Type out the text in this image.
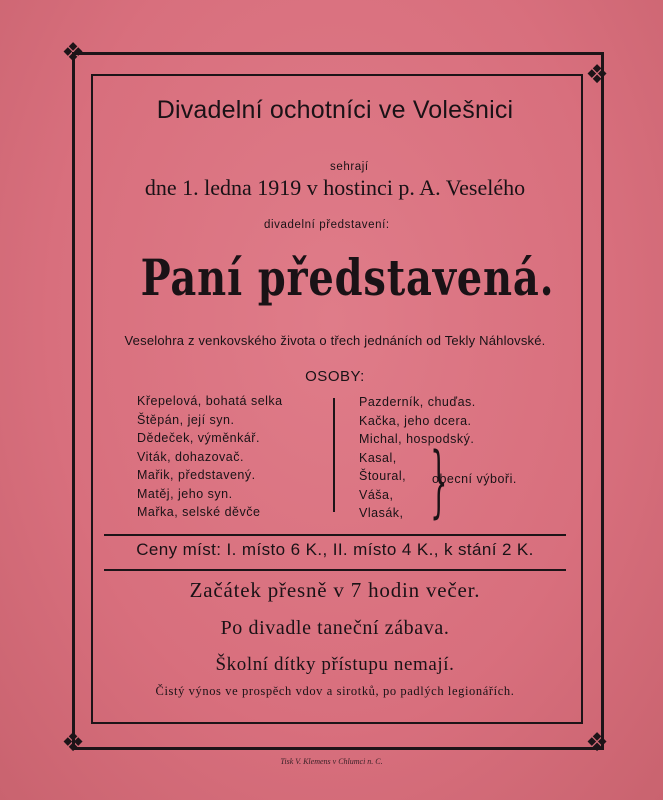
❖
❖
❖	❖
Divadelní ochotníci ve Volešnici
sehrají
dne 1. ledna 1919 v hostinci p. A. Veselého
divadelní představení:
Paní představená.
Veselohra z venkovského života o třech jednáních od Tekly Náhlovské.
OSOBY:
Křepelová, bohatá selka
Štěpán, její syn.
Dědeček, výměnkář.
Viták, dohazovač.
Mařik, představený.
Matěj, jeho syn.
Mařka, selské děvče
Pazderník, chuďas.
Kačka, jeho dcera.
Michal, hospodský.
Kasal,
Štoural,
Váša,
Vlasák, }
obecní výboři.
Ceny míst: I. místo 6 K., II. místo 4 K., k stání 2 K.
Začátek přesně v 7 hodin večer.
Po divadle taneční zábava.
Školní dítky přístupu nemají.
Čistý výnos ve prospěch vdov a sirotků, po padlých legionářích.
Tisk V. Klemens v Chlumci n. C.
